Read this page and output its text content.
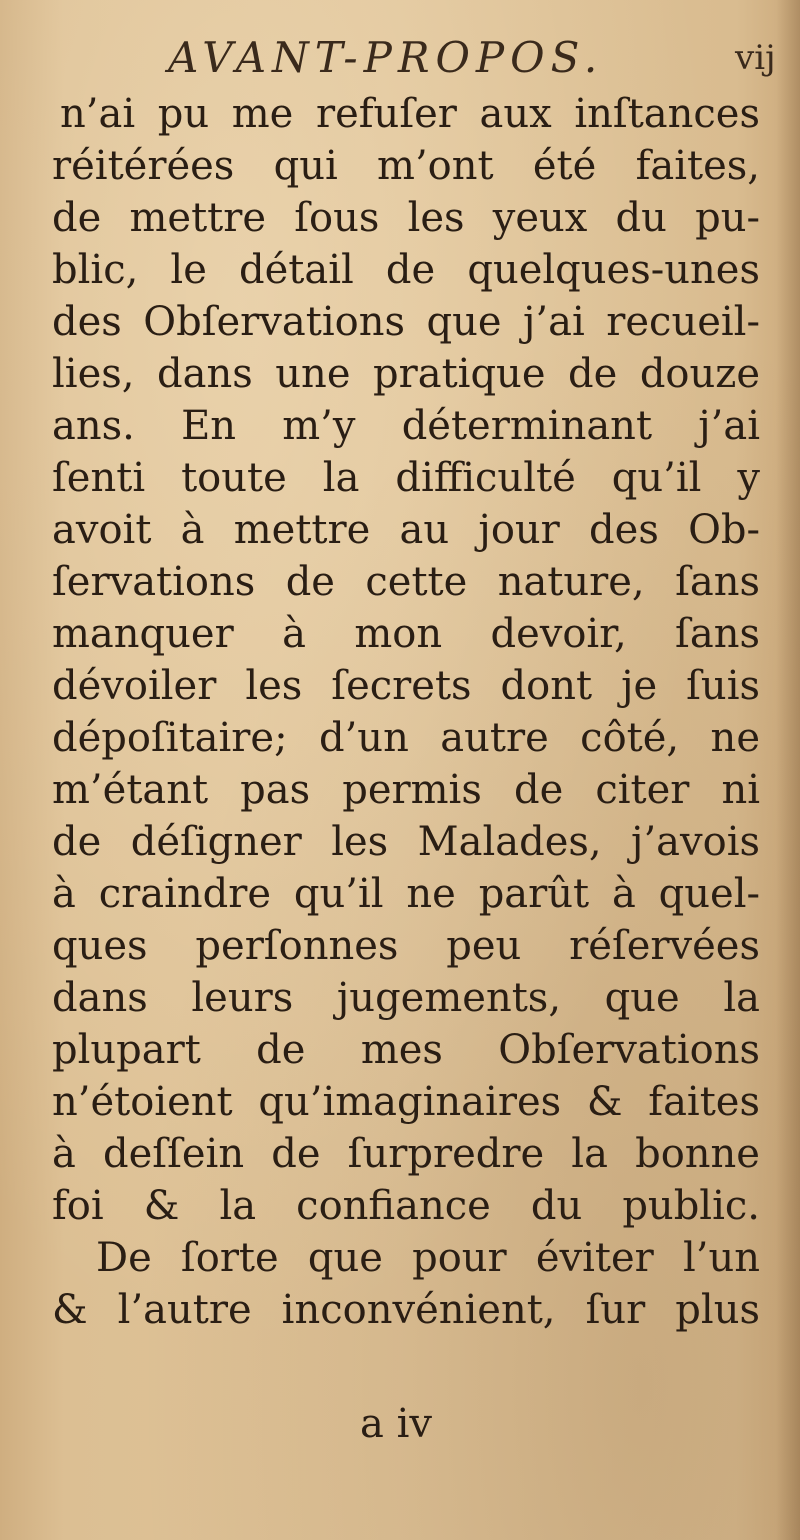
AVANT-PROPOS.	vij
n’ai pu me refuſer aux inſtances
réitérées qui m’ont été faites,
de mettre ſous les yeux du pu-
blic, le détail de quelques-unes
des Obſervations que j’ai recueil-
lies, dans une pratique de douze
ans. En m’y déterminant j’ai
ſenti toute la difficulté qu’il y
avoit à mettre au jour des Ob-
ſervations de cette nature, ſans
manquer à mon devoir, ſans
dévoiler les ſecrets dont je ſuis
dépoſitaire; d’un autre côté, ne
m’étant pas permis de citer ni
de déſigner les Malades, j’avois
à craindre qu’il ne parût à quel-
ques perſonnes peu réſervées
dans leurs jugements, que la
plupart de mes Obſervations
n’étoient qu’imaginaires & faites
à deſſein de ſurpredre la bonne
foi & la confiance du public.
De ſorte que pour éviter l’un
& l’autre inconvénient, ſur plus
a iv
